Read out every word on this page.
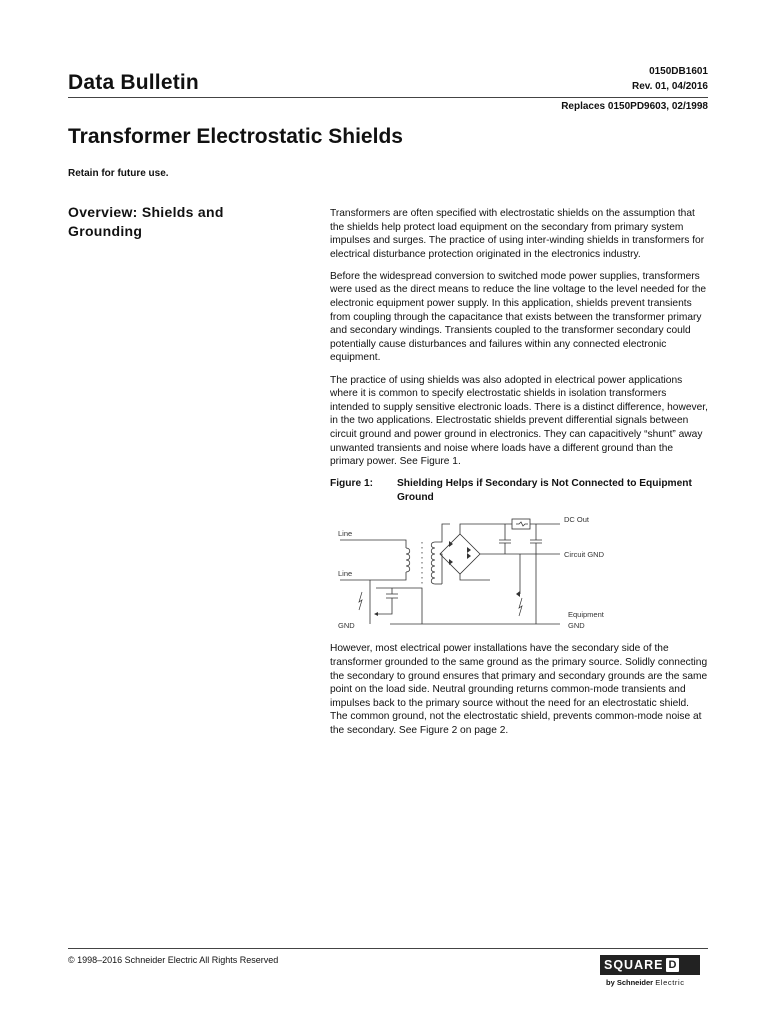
Data Bulletin	0150DB1601
Rev. 01, 04/2016
Replaces 0150PD9603, 02/1998
Transformer Electrostatic Shields
Retain for future use.
Overview: Shields and Grounding

Transformers are often specified with electrostatic shields on the assumption that the shields help protect load equipment on the secondary from primary system impulses and surges. The practice of using inter-winding shields in transformers for electrical disturbance protection originated in the electronics industry.

Before the widespread conversion to switched mode power supplies, transformers were used as the direct means to reduce the line voltage to the level needed for the electronic equipment power supply. In this application, shields prevent transients from coupling through the capacitance that exists between the transformer primary and secondary windings. Transients coupled to the transformer secondary could potentially cause disturbances and failures within any connected electronic equipment.

The practice of using shields was also adopted in electrical power applications where it is common to specify electrostatic shields in isolation transformers intended to supply sensitive electronic loads. There is a distinct difference, however, in the two applications. Electrostatic shields prevent differential signals between circuit ground and power ground in electronics. They can capacitively “shunt” away unwanted transients and noise where loads have a different ground than the primary power. See Figure 1.

Figure 1:	Shielding Helps if Secondary is Not Connected to Equipment Ground
Line
Line
GND
DC Out
Circuit GND
Equipment
GND

However, most electrical power installations have the secondary side of the transformer grounded to the same ground as the primary source. Solidly connecting the secondary to ground ensures that primary and secondary grounds are the same point on the load side. Neutral grounding returns common-mode transients and impulses back to the primary source without the need for an electrostatic shield. The common ground, not the electrostatic shield, prevents common-mode noise at the secondary. See Figure 2 on page 2.

© 1998–2016 Schneider Electric All Rights Reserved	SQUARE D
by Schneider Electric
